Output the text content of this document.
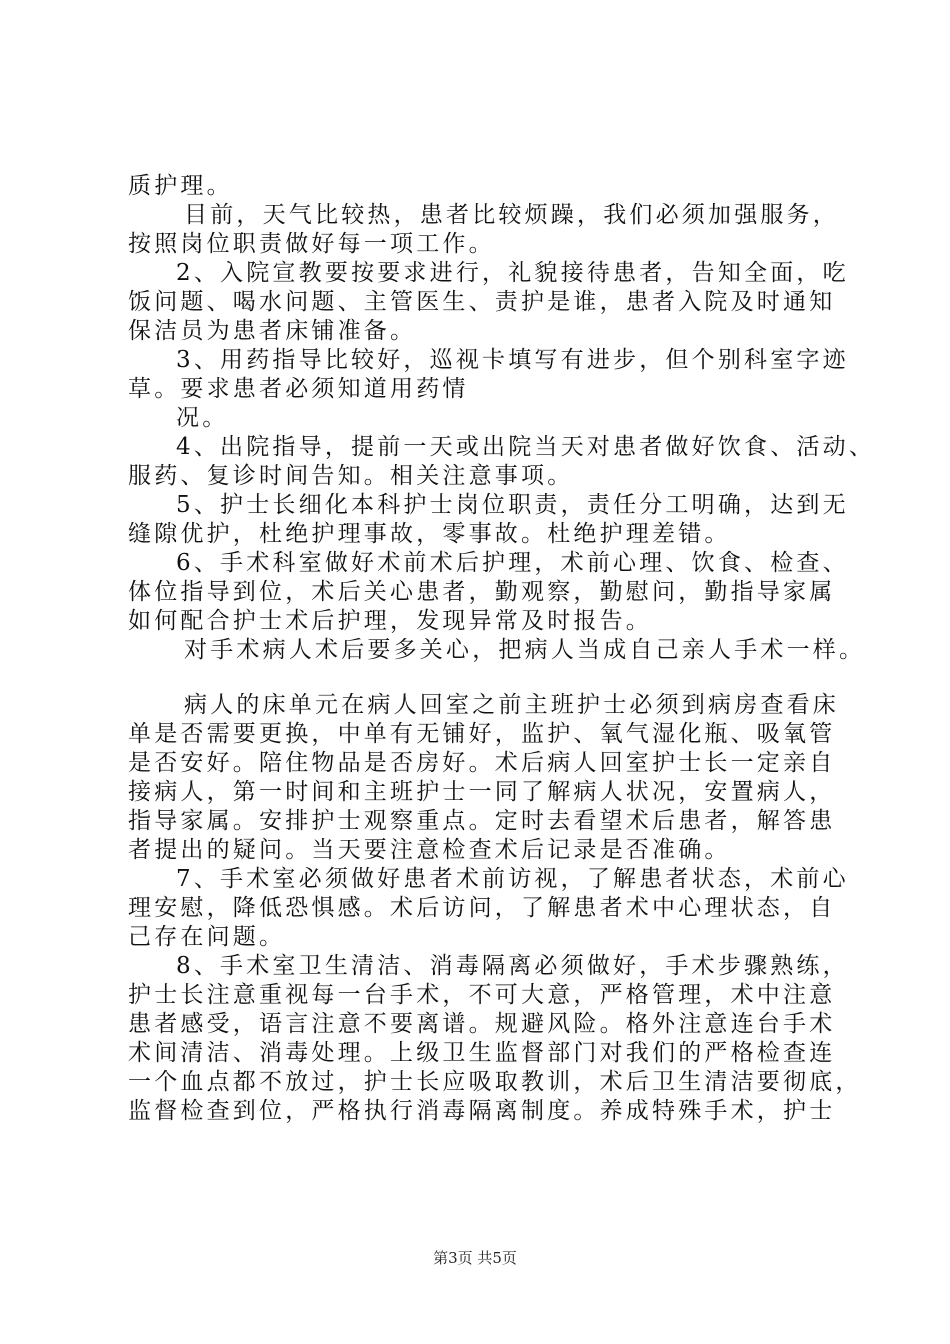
质护理。
目前，天气比较热，患者比较烦躁，我们必须加强服务，
按照岗位职责做好每一项工作。
2、入院宣教要按要求进行，礼貌接待患者，告知全面，吃
饭问题、喝水问题、主管医生、责护是谁，患者入院及时通知
保洁员为患者床铺准备。
3、用药指导比较好，巡视卡填写有进步，但个别科室字迹
草。要求患者必须知道用药情
况。
4、出院指导，提前一天或出院当天对患者做好饮食、活动、
服药、复诊时间告知。相关注意事项。
5、护士长细化本科护士岗位职责，责任分工明确，达到无
缝隙优护，杜绝护理事故，零事故。杜绝护理差错。
6、手术科室做好术前术后护理，术前心理、饮食、检查、
体位指导到位，术后关心患者，勤观察，勤慰问，勤指导家属
如何配合护士术后护理，发现异常及时报告。
对手术病人术后要多关心，把病人当成自己亲人手术一样。
病人的床单元在病人回室之前主班护士必须到病房查看床
单是否需要更换，中单有无铺好，监护、氧气湿化瓶、吸氧管
是否安好。陪住物品是否房好。术后病人回室护士长一定亲自
接病人，第一时间和主班护士一同了解病人状况，安置病人，
指导家属。安排护士观察重点。定时去看望术后患者，解答患
者提出的疑问。当天要注意检查术后记录是否准确。
7、手术室必须做好患者术前访视，了解患者状态，术前心
理安慰，降低恐惧感。术后访问，了解患者术中心理状态，自
己存在问题。
8、手术室卫生清洁、消毒隔离必须做好，手术步骤熟练，
护士长注意重视每一台手术，不可大意，严格管理，术中注意
患者感受，语言注意不要离谱。规避风险。格外注意连台手术
术间清洁、消毒处理。上级卫生监督部门对我们的严格检查连
一个血点都不放过，护士长应吸取教训，术后卫生清洁要彻底，
监督检查到位，严格执行消毒隔离制度。养成特殊手术，护士
第3页 共5页
